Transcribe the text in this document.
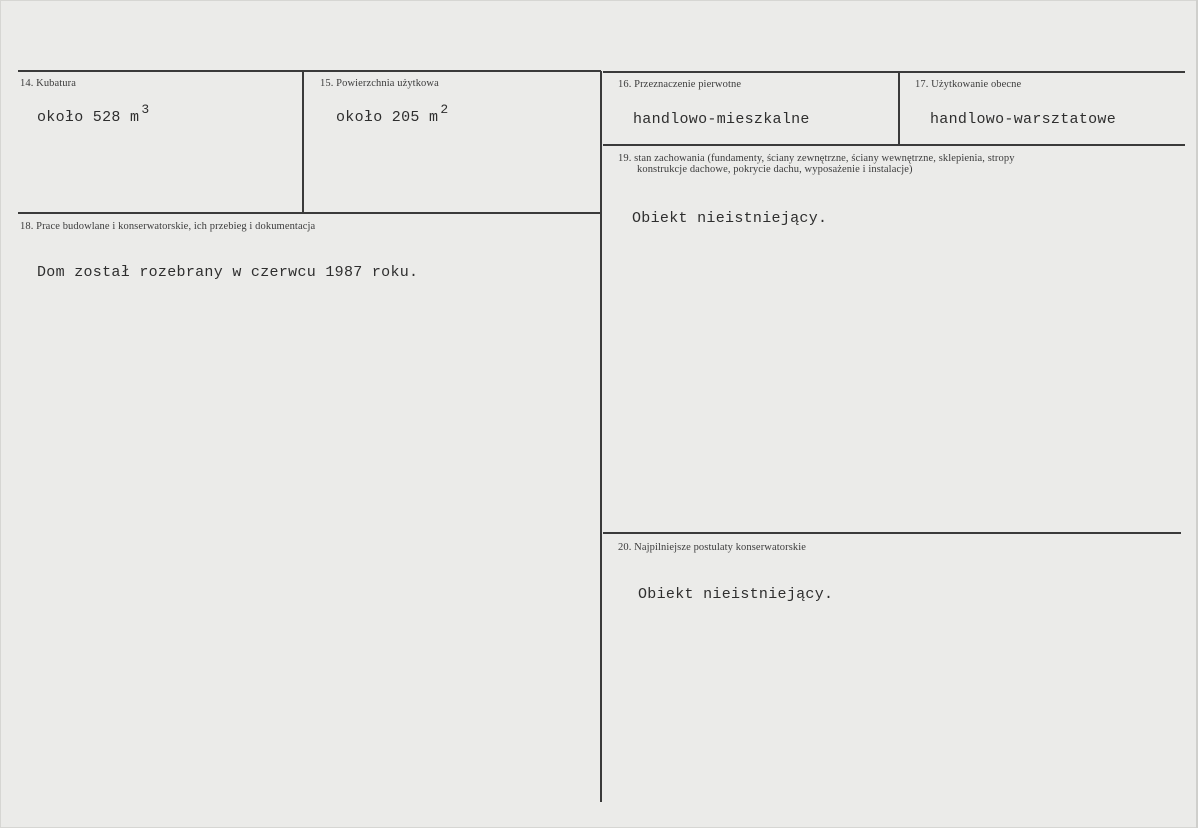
14. Kubatura
około 528 m 3
15. Powierzchnia użytkowa
około 205 m 2
16. Przeznaczenie pierwotne
handlowo-mieszkalne
17. Użytkowanie obecne
handlowo-warsztatowe
19. stan zachowania (fundamenty, ściany zewnętrzne, ściany wewnętrzne, sklepienia, stropy
konstrukcje dachowe, pokrycie dachu, wyposażenie i instalacje)
Obiekt nieistniejący.
18. Prace budowlane i konserwatorskie, ich przebieg i dokumentacja
Dom został rozebrany w czerwcu 1987 roku.
20. Najpilniejsze postulaty konserwatorskie
Obiekt nieistniejący.
